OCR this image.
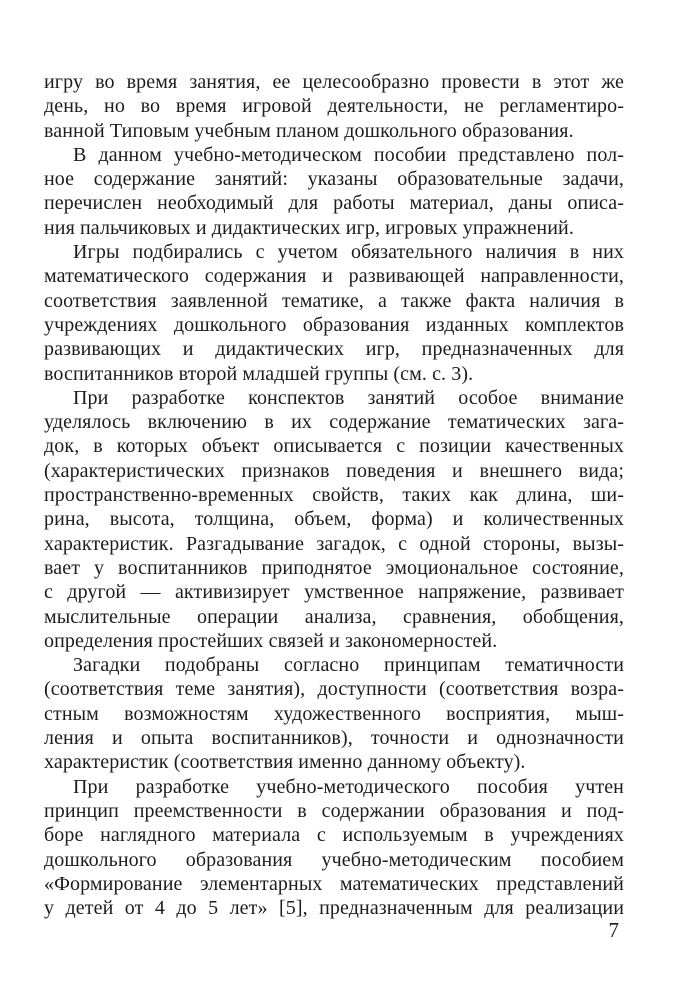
игру во время занятия, ее целесообразно провести в этот же
день, но во время игровой деятельности, не регламентиро-
ванной Типовым учебным планом дошкольного образования.
В данном учебно-методическом пособии представлено пол-
ное содержание занятий: указаны образовательные задачи,
перечислен необходимый для работы материал, даны описа-
ния пальчиковых и дидактических игр, игровых упражнений.
Игры подбирались с учетом обязательного наличия в них
математического содержания и развивающей направленности,
соответствия заявленной тематике, а также факта наличия в
учреждениях дошкольного образования изданных комплектов
развивающих и дидактических игр, предназначенных для
воспитанников второй младшей группы (см. с. 3).
При разработке конспектов занятий особое внимание
уделялось включению в их содержание тематических зага-
док, в которых объект описывается с позиции качественных
(характеристических признаков поведения и внешнего вида;
пространственно-временных свойств, таких как длина, ши-
рина, высота, толщина, объем, форма) и количественных
характеристик. Разгадывание загадок, с одной стороны, вызы-
вает у воспитанников приподнятое эмоциональное состояние,
с другой — активизирует умственное напряжение, развивает
мыслительные операции анализа, сравнения, обобщения,
определения простейших связей и закономерностей.
Загадки подобраны согласно принципам тематичности
(соответствия теме занятия), доступности (соответствия возра-
стным возможностям художественного восприятия, мыш-
ления и опыта воспитанников), точности и однозначности
характеристик (соответствия именно данному объекту).
При разработке учебно-методического пособия учтен
принцип преемственности в содержании образования и под-
боре наглядного материала с используемым в учреждениях
дошкольного образования учебно-методическим пособием
«Формирование элементарных математических представлений
у детей от 4 до 5 лет» [5], предназначенным для реализации
7
